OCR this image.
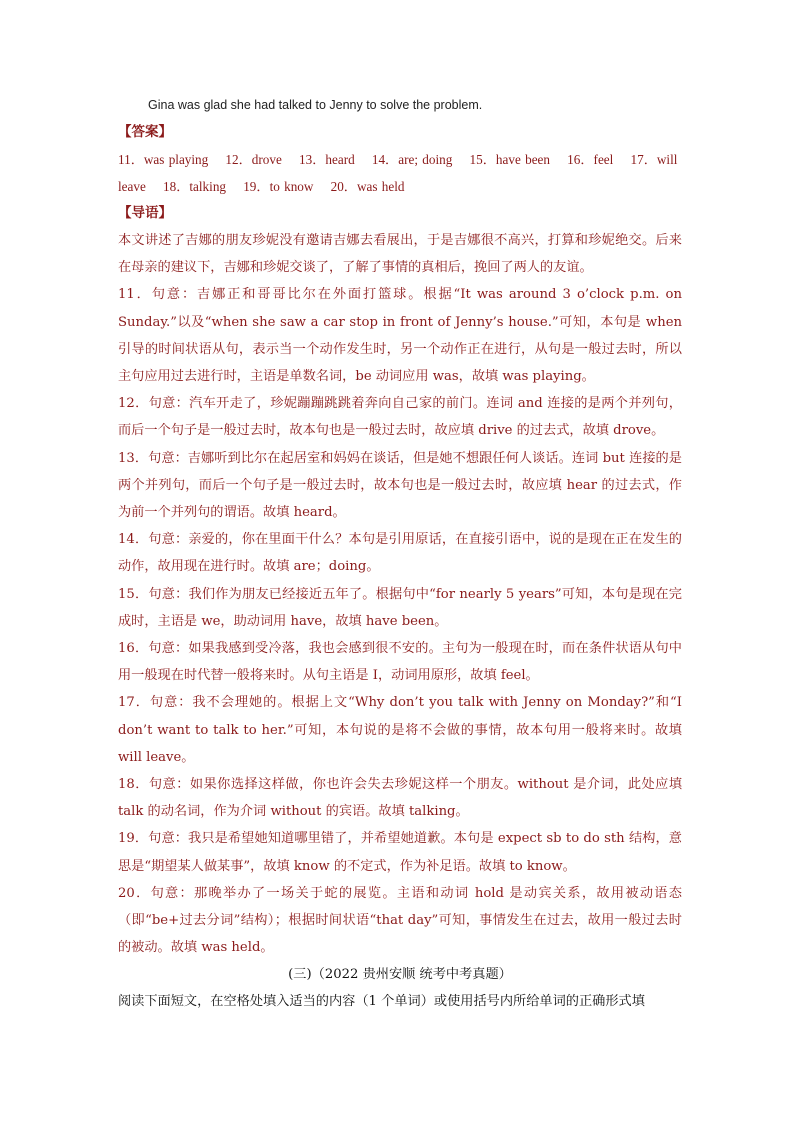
Gina was glad she had talked to Jenny to solve the problem.
【答案】
11．was playing    12．drove    13．heard    14．are; doing    15．have been    16．feel    17．will
leave    18．talking    19．to know    20．was held
【导语】
本文讲述了吉娜的朋友珍妮没有邀请吉娜去看展出，于是吉娜很不高兴，打算和珍妮绝交。后来在母亲的建议下，吉娜和珍妮交谈了，了解了事情的真相后，挽回了两人的友谊。
11．句意：吉娜正和哥哥比尔在外面打篮球。根据“It was around 3 o’clock p.m. on Sunday.”以及“when she saw a car stop in front of Jenny’s house.”可知，本句是 when 引导的时间状语从句，表示当一个动作发生时，另一个动作正在进行，从句是一般过去时，所以主句应用过去进行时，主语是单数名词，be 动词应用 was，故填 was playing。
12．句意：汽车开走了，珍妮蹦蹦跳跳着奔向自己家的前门。连词 and 连接的是两个并列句，而后一个句子是一般过去时，故本句也是一般过去时，故应填 drive 的过去式，故填 drove。
13．句意：吉娜听到比尔在起居室和妈妈在谈话，但是她不想跟任何人谈话。连词 but 连接的是两个并列句，而后一个句子是一般过去时，故本句也是一般过去时，故应填 hear 的过去式，作为前一个并列句的谓语。故填 heard。
14．句意：亲爱的，你在里面干什么？本句是引用原话，在直接引语中，说的是现在正在发生的动作，故用现在进行时。故填 are；doing。
15．句意：我们作为朋友已经接近五年了。根据句中“for nearly 5 years”可知，本句是现在完成时，主语是 we，助动词用 have，故填 have been。
16．句意：如果我感到受冷落，我也会感到很不安的。主句为一般现在时，而在条件状语从句中用一般现在时代替一般将来时。从句主语是 I，动词用原形，故填 feel。
17．句意：我不会理她的。根据上文“Why don’t you talk with Jenny on Monday?”和“I don’t want to talk to her.”可知，本句说的是将不会做的事情，故本句用一般将来时。故填 will leave。
18．句意：如果你选择这样做，你也许会失去珍妮这样一个朋友。without 是介词，此处应填 talk 的动名词，作为介词 without 的宾语。故填 talking。
19．句意：我只是希望她知道哪里错了，并希望她道歉。本句是 expect sb to do sth 结构，意思是“期望某人做某事”，故填 know 的不定式，作为补足语。故填 to know。
20．句意：那晚举办了一场关于蛇的展览。主语和动词 hold 是动宾关系，故用被动语态（即“be+过去分词”结构）；根据时间状语“that day”可知，事情发生在过去，故用一般过去时的被动。故填 was held。
(三)（2022 贵州安顺 统考中考真题）
阅读下面短文，在空格处填入适当的内容（1 个单词）或使用括号内所给单词的正确形式填
